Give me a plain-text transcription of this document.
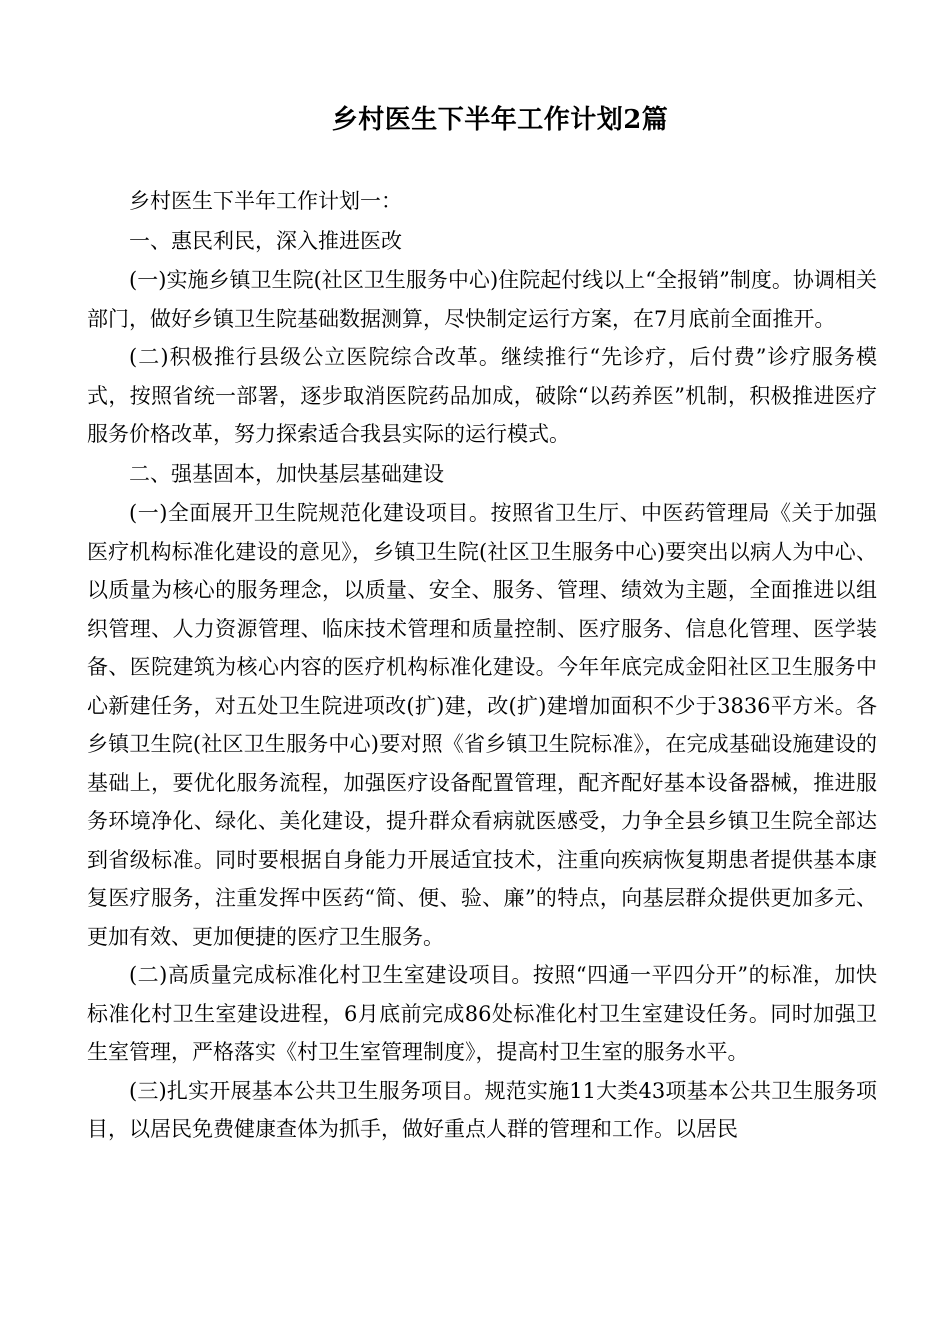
乡村医生下半年工作计划2篇

乡村医生下半年工作计划一：

一、惠民利民，深入推进医改

(一)实施乡镇卫生院(社区卫生服务中心)住院起付线以上“全报销”制度。协调相关部门，做好乡镇卫生院基础数据测算，尽快制定运行方案，在7月底前全面推开。

(二)积极推行县级公立医院综合改革。继续推行“先诊疗，后付费”诊疗服务模式，按照省统一部署，逐步取消医院药品加成，破除“以药养医”机制，积极推进医疗服务价格改革，努力探索适合我县实际的运行模式。

二、强基固本，加快基层基础建设

(一)全面展开卫生院规范化建设项目。按照省卫生厅、中医药管理局《关于加强医疗机构标准化建设的意见》，乡镇卫生院(社区卫生服务中心)要突出以病人为中心、以质量为核心的服务理念，以质量、安全、服务、管理、绩效为主题，全面推进以组织管理、人力资源管理、临床技术管理和质量控制、医疗服务、信息化管理、医学装备、医院建筑为核心内容的医疗机构标准化建设。今年年底完成金阳社区卫生服务中心新建任务，对五处卫生院进项改(扩)建，改(扩)建增加面积不少于3836平方米。各乡镇卫生院(社区卫生服务中心)要对照《省乡镇卫生院标准》，在完成基础设施建设的基础上，要优化服务流程，加强医疗设备配置管理，配齐配好基本设备器械，推进服务环境净化、绿化、美化建设，提升群众看病就医感受，力争全县乡镇卫生院全部达到省级标准。同时要根据自身能力开展适宜技术，注重向疾病恢复期患者提供基本康复医疗服务，注重发挥中医药“简、便、验、廉”的特点，向基层群众提供更加多元、更加有效、更加便捷的医疗卫生服务。

(二)高质量完成标准化村卫生室建设项目。按照“四通一平四分开”的标准，加快标准化村卫生室建设进程，6月底前完成86处标准化村卫生室建设任务。同时加强卫生室管理，严格落实《村卫生室管理制度》，提高村卫生室的服务水平。

(三)扎实开展基本公共卫生服务项目。规范实施11大类43项基本公共卫生服务项目，以居民免费健康查体为抓手，做好重点人群的管理和工作。以居民
